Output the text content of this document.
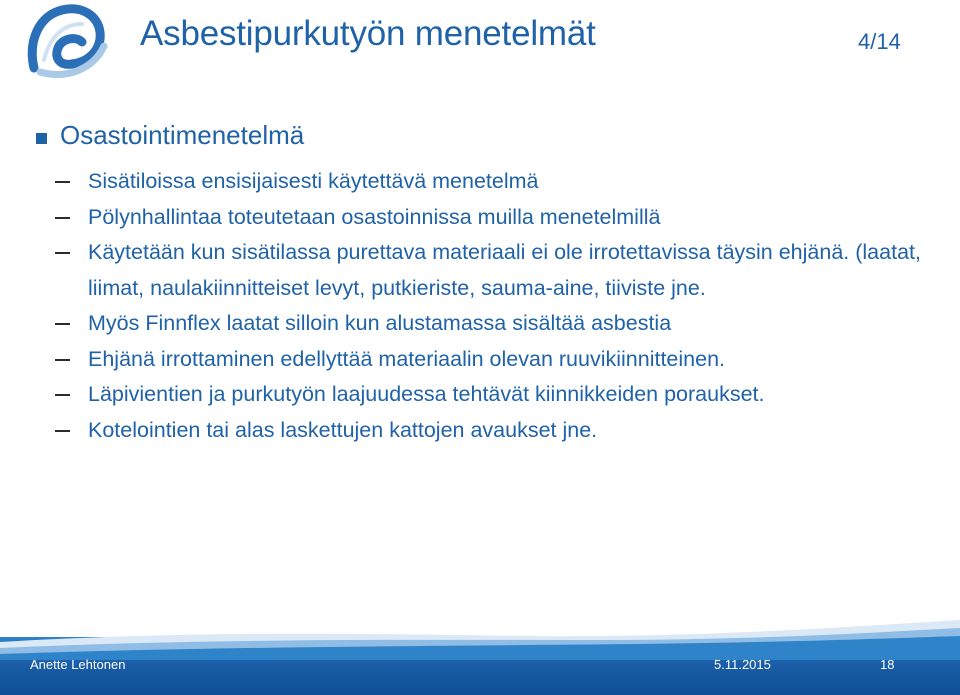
Asbestipurkutyön menetelmät	4/14
Osastointimenetelmä
Sisätiloissa ensisijaisesti käytettävä menetelmä
Pölynhallintaa toteutetaan osastoinnissa muilla menetelmillä
Käytetään kun sisätilassa purettava materiaali ei ole irrotettavissa täysin ehjänä. (laatat, liimat, naulakiinnitteiset levyt, putkieriste, sauma-aine, tiiviste jne.
Myös Finnflex laatat silloin kun alustamassa sisältää asbestia
Ehjänä irrottaminen edellyttää materiaalin olevan ruuvikiinnitteinen.
Läpivientien ja purkutyön laajuudessa tehtävät kiinnikkeiden poraukset.
Kotelointien tai alas laskettujen kattojen avaukset jne.
Anette Lehtonen	5.11.2015	18
